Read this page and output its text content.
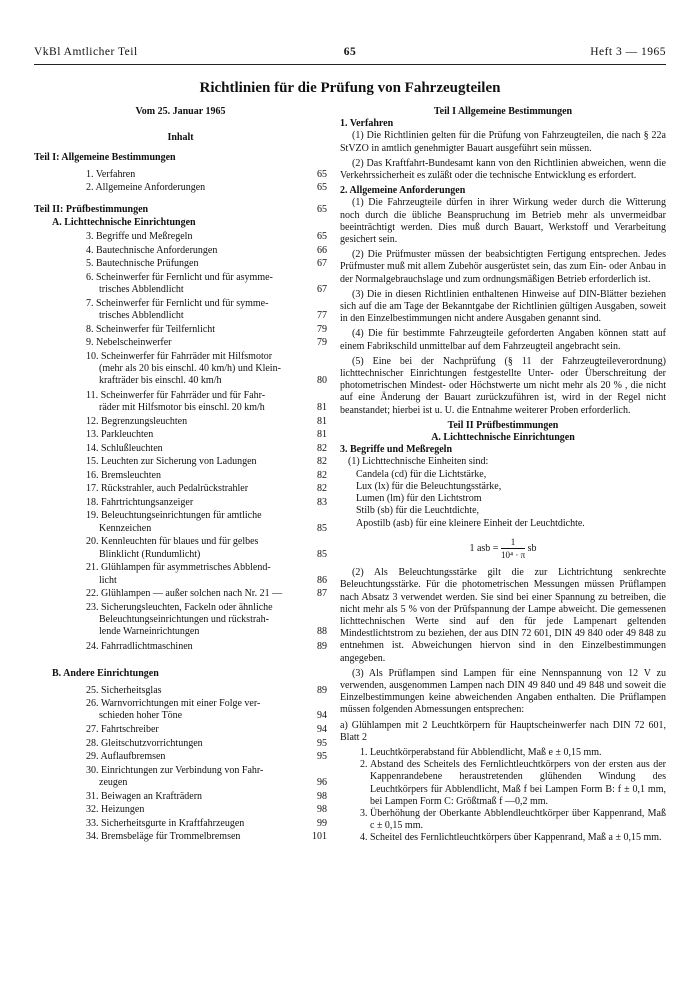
VkBl Amtlicher Teil	65	Heft 3 — 1965
Richtlinien für die Prüfung von Fahrzeugteilen
Vom 25. Januar 1965
Inhalt
Teil I: Allgemeine Bestimmungen
1. Verfahren	65
2. Allgemeine Anforderungen	65
Teil II: Prüfbestimmungen	65
A. Lichttechnische Einrichtungen
3. Begriffe und Meßregeln	65
4. Bautechnische Anforderungen	66
5. Bautechnische Prüfungen	67
6. Scheinwerfer für Fernlicht und für asymme-
trisches Abblendlicht	67
7. Scheinwerfer für Fernlicht und für symme-
trisches Abblendlicht	77
8. Scheinwerfer für Teilfernlicht	79
9. Nebelscheinwerfer	79
10. Scheinwerfer für Fahrräder mit Hilfsmotor
(mehr als 20 bis einschl. 40 km/h) und Klein-
krafträder bis einschl. 40 km/h	80
11. Scheinwerfer für Fahrräder und für Fahr-
räder mit Hilfsmotor bis einschl. 20 km/h	81
12. Begrenzungsleuchten	81
13. Parkleuchten	81
14. Schlußleuchten	82
15. Leuchten zur Sicherung von Ladungen	82
16. Bremsleuchten	82
17. Rückstrahler, auch Pedalrückstrahler	82
18. Fahrtrichtungsanzeiger	83
19. Beleuchtungseinrichtungen für amtliche
Kennzeichen	85
20. Kennleuchten für blaues und für gelbes
Blinklicht (Rundumlicht)	85
21. Glühlampen für asymmetrisches Abblend-
licht	86
22. Glühlampen — außer solchen nach Nr. 21 —	87
23. Sicherungsleuchten, Fackeln oder ähnliche
Beleuchtungseinrichtungen und rückstrah-
lende Warneinrichtungen	88
24. Fahrradlichtmaschinen	89
B. Andere Einrichtungen
25. Sicherheitsglas	89
26. Warnvorrichtungen mit einer Folge ver-
schieden hoher Töne	94
27. Fahrtschreiber	94
28. Gleitschutzvorrichtungen	95
29. Auflaufbremsen	95
30. Einrichtungen zur Verbindung von Fahr-
zeugen	96
31. Beiwagen an Krafträdern	98
32. Heizungen	98
33. Sicherheitsgurte in Kraftfahrzeugen	99
34. Bremsbeläge für Trommelbremsen	101
Teil I Allgemeine Bestimmungen
1. Verfahren

(1) Die Richtlinien gelten für die Prüfung von Fahrzeugteilen, die nach § 22a StVZO in amtlich genehmigter Bauart ausgeführt sein müssen.

(2) Das Kraftfahrt-Bundesamt kann von den Richtlinien abweichen, wenn die Verkehrssicherheit es zuläßt oder die technische Entwicklung es erfordert.

2. Allgemeine Anforderungen

(1) Die Fahrzeugteile dürfen in ihrer Wirkung weder durch die Witterung noch durch die übliche Beanspruchung im Betrieb mehr als unvermeidbar beeinträchtigt werden. Dies muß durch Bauart, Werkstoff und Verarbeitung gesichert sein.

(2) Die Prüfmuster müssen der beabsichtigten Fertigung entsprechen. Jedes Prüfmuster muß mit allem Zubehör ausgerüstet sein, das zum Ein- oder Anbau in der Normalgebrauchslage und zum ordnungsmäßigen Betrieb erforderlich ist.

(3) Die in diesen Richtlinien enthaltenen Hinweise auf DIN-Blätter beziehen sich auf die am Tage der Bekanntgabe der Richtlinien gültigen Ausgaben, soweit in den Einzelbestimmungen nicht andere Ausgaben genannt sind.

(4) Die für bestimmte Fahrzeugteile geforderten Angaben können statt auf einem Fabrikschild unmittelbar auf dem Fahrzeugteil angebracht sein.

(5) Eine bei der Nachprüfung (§ 11 der Fahrzeugteileverordnung) lichttechnischer Einrichtungen festgestellte Unter- oder Überschreitung der photometrischen Mindest- oder Höchstwerte um nicht mehr als 20 % , die nicht auf eine Änderung der Bauart zurückzuführen ist, wird in der Regel nicht beanstandet; hierbei ist u. U. die Entnahme weiterer Proben erforderlich.

Teil II Prüfbestimmungen
A. Lichttechnische Einrichtungen
3. Begriffe und Meßregeln
(1) Lichttechnische Einheiten sind:
Candela (cd) für die Lichtstärke,
Lux (lx) für die Beleuchtungsstärke,
Lumen (lm) für den Lichtstrom
Stilb (sb) für die Leuchtdichte,
Apostilb (asb) für eine kleinere Einheit der Leuchtdichte.
1 asb = $\frac{1}{\text{10⁴ · π}}$ sb

(2) Als Beleuchtungsstärke gilt die zur Lichtrichtung senkrechte Beleuchtungsstärke. Für die photometrischen Messungen müssen Prüflampen nach Absatz 3 verwendet werden. Sie sind bei einer Spannung zu betreiben, die nicht mehr als 5 % von der Prüfspannung der Lampe abweicht. Die gemessenen lichttechnischen Werte sind auf den für jede Lampenart geltenden Mindestlichtstrom zu beziehen, der aus DIN 72 601, DIN 49 840 oder 49 848 zu entnehmen ist. Abweichungen hiervon sind in den Einzelbestimmungen angegeben.

(3) Als Prüflampen sind Lampen für eine Nennspannung von 12 V zu verwenden, ausgenommen Lampen nach DIN 49 840 und 49 848 und soweit die Einzelbestimmungen keine abweichenden Angaben enthalten. Die Prüflampen müssen folgenden Abmessungen entsprechen:

a) Glühlampen mit 2 Leuchtkörpern für Hauptscheinwerfer nach DIN 72 601, Blatt 2
1. Leuchtkörperabstand für Abblendlicht, Maß e ± 0,15 mm.
2. Abstand des Scheitels des Fernlichtleuchtkörpers von der ersten aus der Kappenrandebene heraustretenden glühenden Windung des Leuchtkörpers für Abblendlicht, Maß f bei Lampen Form B: f ± 0,1 mm, bei Lampen Form C: Größtmaß f —0,2 mm.
3. Überhöhung der Oberkante Abblendleuchtkörper über Kappenrand, Maß c ± 0,15 mm.
4. Scheitel des Fernlichtleuchtkörpers über Kappenrand, Maß a ± 0,15 mm.
